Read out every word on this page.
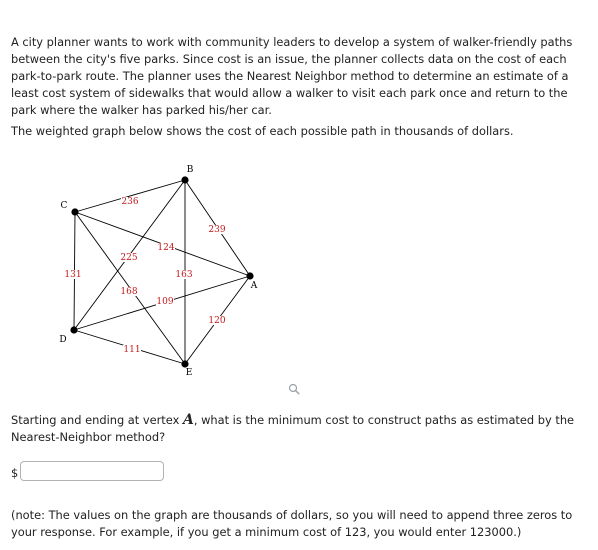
A city planner wants to work with community leaders to develop a system of walker-friendly paths between the city's five parks. Since cost is an issue, the planner collects data on the cost of each park-to-park route. The planner uses the Nearest Neighbor method to determine an estimate of a least cost system of sidewalks that would allow a walker to visit each park once and return to the park where the walker has parked his/her car.

The weighted graph below shows the cost of each possible path in thousands of dollars.

236
239
124
225
131	163
168
109
120
111
B
C
A
D
E

Starting and ending at vertex A, what is the minimum cost to construct paths as estimated by the Nearest-Neighbor method?

$

(note: The values on the graph are thousands of dollars, so you will need to append three zeros to your response. For example, if you get a minimum cost of 123, you would enter 123000.)
